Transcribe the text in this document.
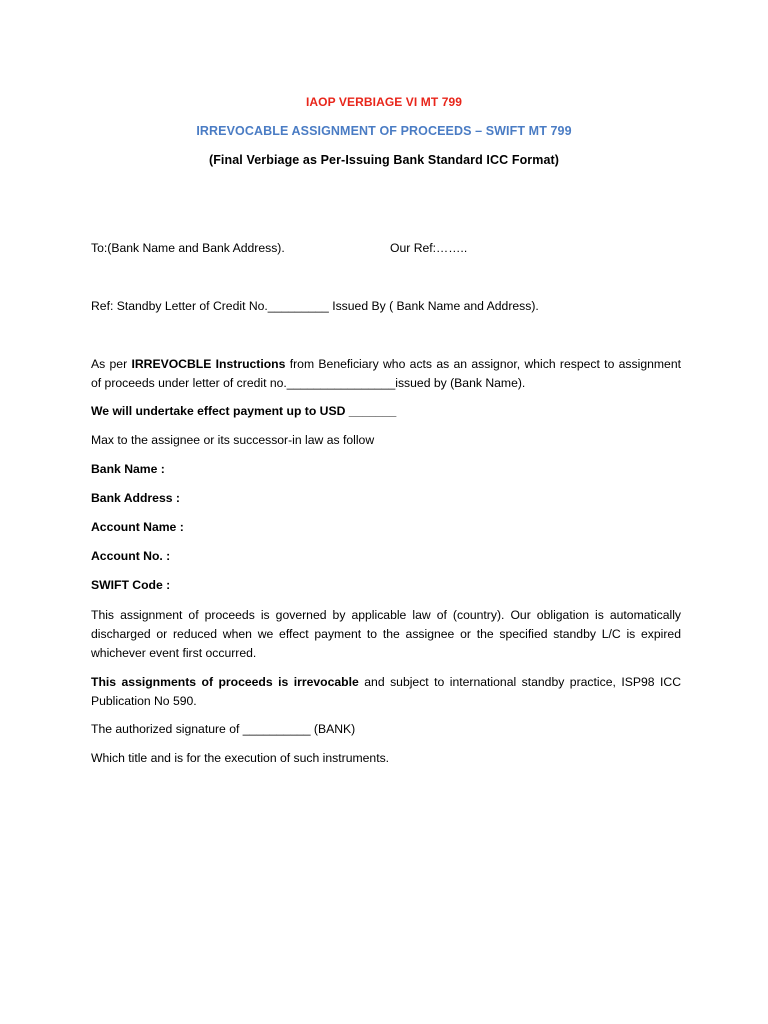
IAOP VERBIAGE VI MT 799
IRREVOCABLE ASSIGNMENT OF PROCEEDS – SWIFT MT 799
(Final Verbiage as Per-Issuing Bank Standard ICC Format)
To:(Bank Name and Bank Address).	Our Ref:……..
Ref: Standby Letter of Credit No._________ Issued By ( Bank Name and Address).
As per IRREVOCBLE Instructions from Beneficiary who acts as an assignor, which respect to assignment of proceeds under letter of credit no.________________issued by (Bank Name).
We will undertake effect payment up to USD _______
Max to the assignee or its successor-in law as follow
Bank Name :
Bank Address :
Account Name :
Account No. :
SWIFT Code :
This assignment of proceeds is governed by applicable law of (country). Our obligation is automatically discharged or reduced when we effect payment to the assignee or the specified standby L/C is expired whichever event first occurred.
This assignments of proceeds is irrevocable and subject to international standby practice, ISP98 ICC Publication No 590.
The authorized signature of __________ (BANK)
Which title and is for the execution of such instruments.
